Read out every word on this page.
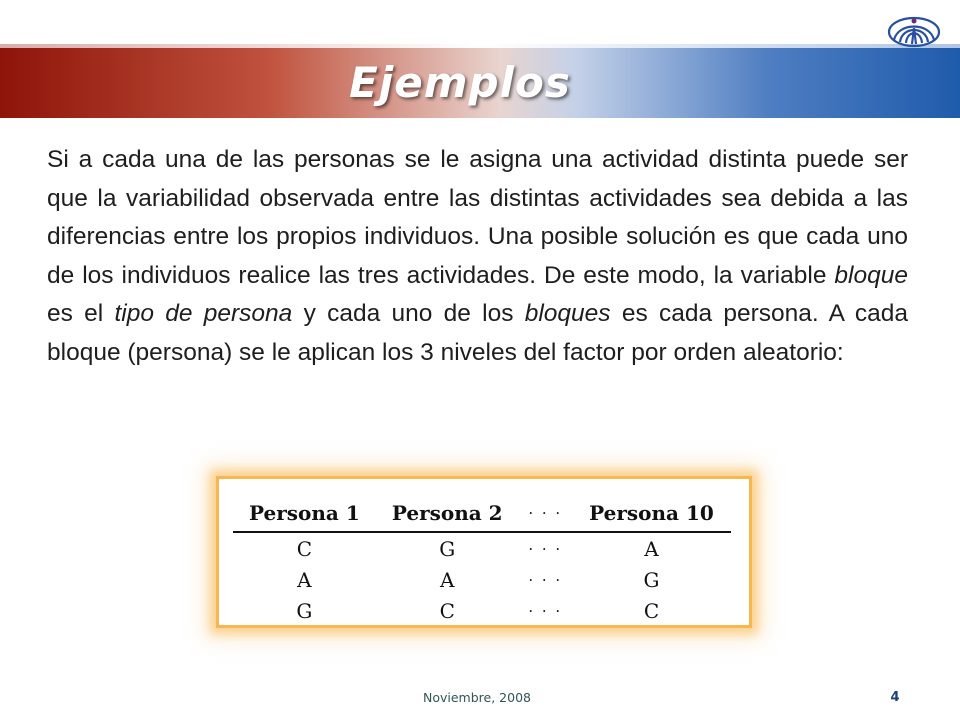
Ejemplos
Si a cada una de las personas se le asigna una actividad distinta puede ser que la variabilidad observada entre las distintas actividades sea debida a las diferencias entre los propios individuos. Una posible solución es que cada uno de los individuos realice las tres actividades. De este modo, la variable bloque es el tipo de persona y cada uno de los bloques es cada persona. A cada bloque (persona) se le aplican los 3 niveles del factor por orden aleatorio:
Persona 1	Persona 2	· · ·	Persona 10
C	G	· · ·	A
A	A	· · ·	G
G	C	· · ·	C
Noviembre, 2008	4
